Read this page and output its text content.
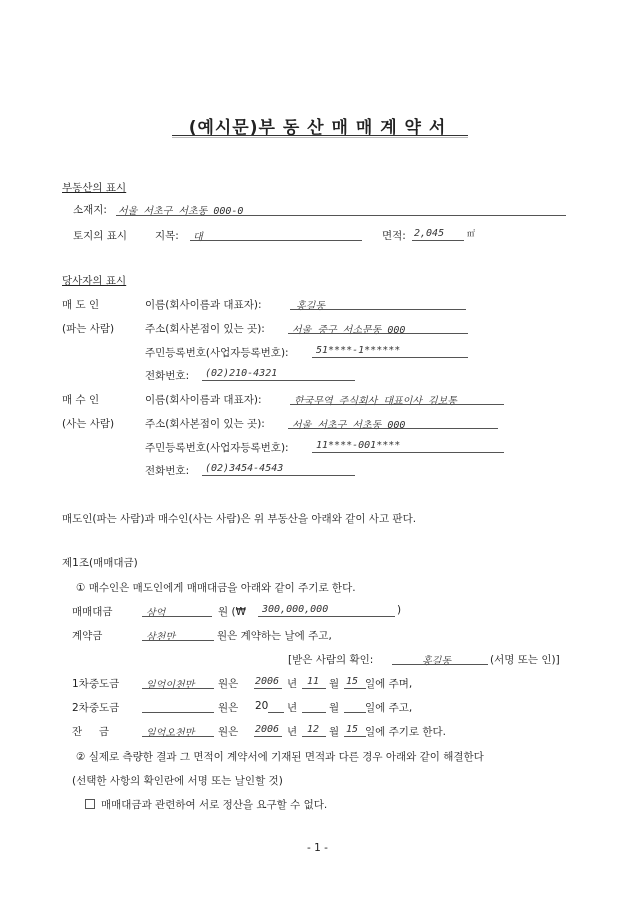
(예시문)부 동 산 매 매 계 약 서
부동산의 표시
소재지: 서울 서초구 서초동 000-0
토지의 표시	지목: 대	면적: 2,045	㎡
당사자의 표시
매 도 인	이름(회사이름과 대표자):	홍길동
(파는 사람)	주소(회사본점이 있는 곳):	서울 중구 서소문동 000
주민등록번호(사업자등록번호):	51****-1******
전화번호: (02)210-4321
매 수 인	이름(회사이름과 대표자):	한국무역 주식회사 대표이사 김보통
(사는 사람)	주소(회사본점이 있는 곳):	서울 서초구 서초동 000
주민등록번호(사업자등록번호):	11****-001****
전화번호: (02)3454-4543
매도인(파는 사람)과 매수인(사는 사람)은 위 부동산을 아래와 같이 사고 판다.
제1조(매매대금)
① 매수인은 매도인에게 매매대금을 아래와 같이 주기로 한다.
매매대금	삼억	원 (₩ 300,000,000	)
계약금	삼천만	원은 계약하는 날에 주고,
[받은 사람의 확인:	홍길동	(서명 또는 인)]
1차중도금	일억이천만 원은 2006 년 11 월 15 일에 주며,
2차중도금	원은 20 년	월 일에 주고,
잔     금	일억오천만 원은 2006 년 12 월 15 일에 주기로 한다.
② 실제로 측량한 결과 그 면적이 계약서에 기재된 면적과 다른 경우 아래와 같이 해결한다
(선택한 사항의 확인란에 서명 또는 날인할 것)
매매대금과 관련하여 서로 정산을 요구할 수 없다.
- 1 -
